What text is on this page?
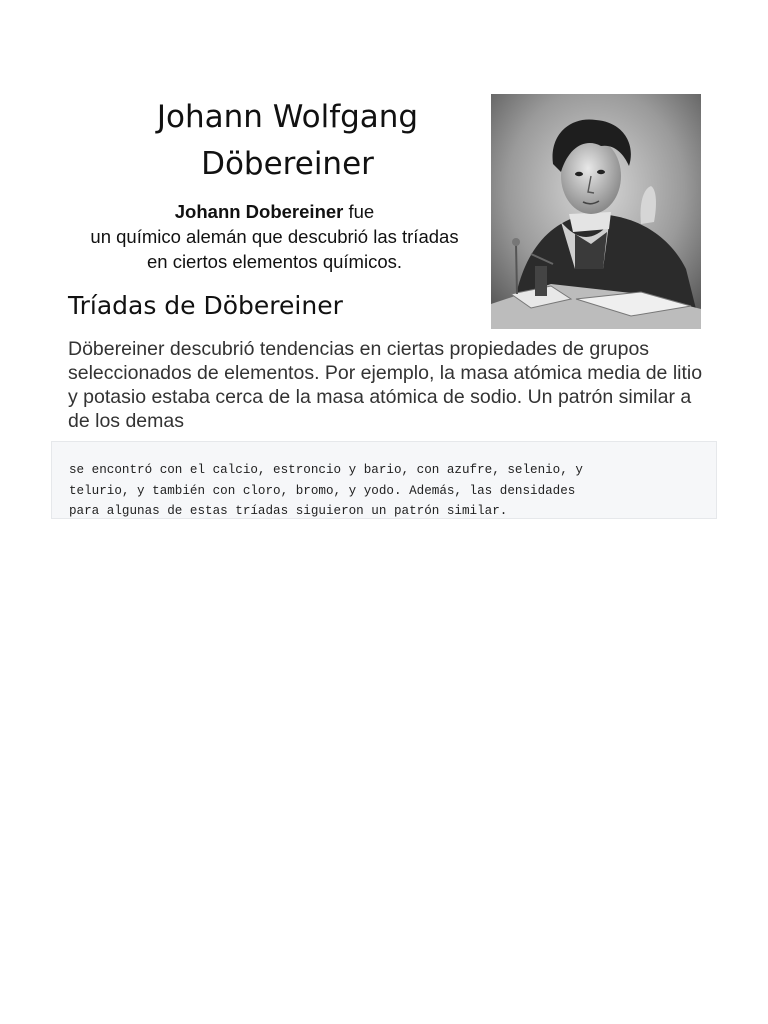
Johann Wolfgang
Döbereiner
Johann Dobereiner fue
un químico alemán que descubrió las tríadas
en ciertos elementos químicos.
Tríadas de Döbereiner

Döbereiner descubrió tendencias en ciertas propiedades de grupos seleccionados de elementos. Por ejemplo, la masa atómica media de litio y potasio estaba cerca de la masa atómica de sodio. Un patrón similar a de los demas

se encontró con el calcio, estroncio y bario, con azufre, selenio, y
telurio, y también con cloro, bromo, y yodo. Además, las densidades
para algunas de estas tríadas siguieron un patrón similar.
